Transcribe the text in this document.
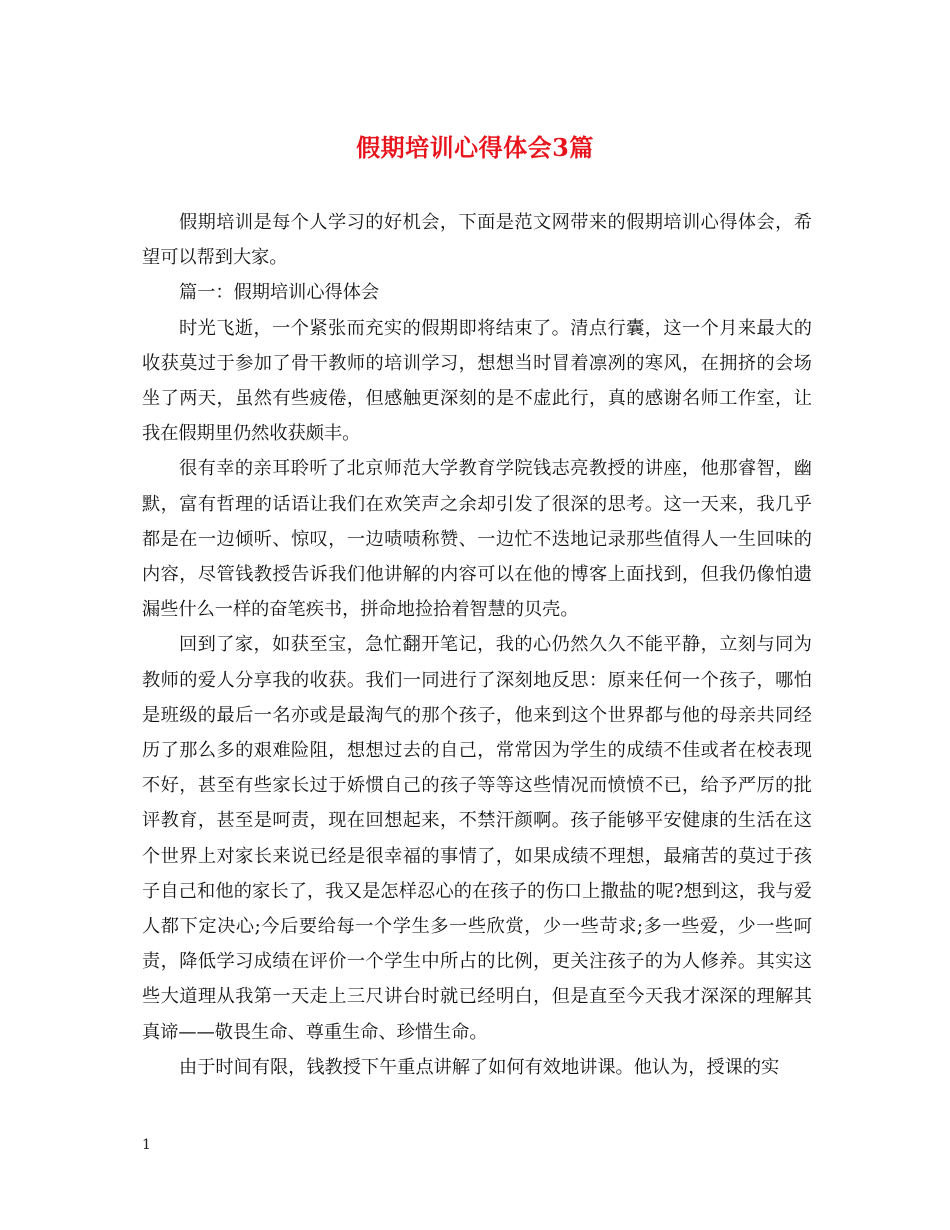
假期培训心得体会3篇

假期培训是每个人学习的好机会，下面是范文网带来的假期培训心得体会，希望可以帮到大家。

篇一：假期培训心得体会

时光飞逝，一个紧张而充实的假期即将结束了。清点行囊，这一个月来最大的收获莫过于参加了骨干教师的培训学习，想想当时冒着凛冽的寒风，在拥挤的会场坐了两天，虽然有些疲倦，但感触更深刻的是不虚此行，真的感谢名师工作室，让我在假期里仍然收获颇丰。

很有幸的亲耳聆听了北京师范大学教育学院钱志亮教授的讲座，他那睿智，幽默，富有哲理的话语让我们在欢笑声之余却引发了很深的思考。这一天来，我几乎都是在一边倾听、惊叹，一边啧啧称赞、一边忙不迭地记录那些值得人一生回味的内容，尽管钱教授告诉我们他讲解的内容可以在他的博客上面找到，但我仍像怕遗漏些什么一样的奋笔疾书，拼命地捡拾着智慧的贝壳。

回到了家，如获至宝，急忙翻开笔记，我的心仍然久久不能平静，立刻与同为教师的爱人分享我的收获。我们一同进行了深刻地反思：原来任何一个孩子，哪怕是班级的最后一名亦或是最淘气的那个孩子，他来到这个世界都与他的母亲共同经历了那么多的艰难险阻，想想过去的自己，常常因为学生的成绩不佳或者在校表现不好，甚至有些家长过于娇惯自己的孩子等等这些情况而愤愤不已，给予严厉的批评教育，甚至是呵责，现在回想起来，不禁汗颜啊。孩子能够平安健康的生活在这个世界上对家长来说已经是很幸福的事情了，如果成绩不理想，最痛苦的莫过于孩子自己和他的家长了，我又是怎样忍心的在孩子的伤口上撒盐的呢?想到这，我与爱人都下定决心;今后要给每一个学生多一些欣赏，少一些苛求;多一些爱，少一些呵责，降低学习成绩在评价一个学生中所占的比例，更关注孩子的为人修养。其实这些大道理从我第一天走上三尺讲台时就已经明白，但是直至今天我才深深的理解其真谛——敬畏生命、尊重生命、珍惜生命。

由于时间有限，钱教授下午重点讲解了如何有效地讲课。他认为，授课的实

1
